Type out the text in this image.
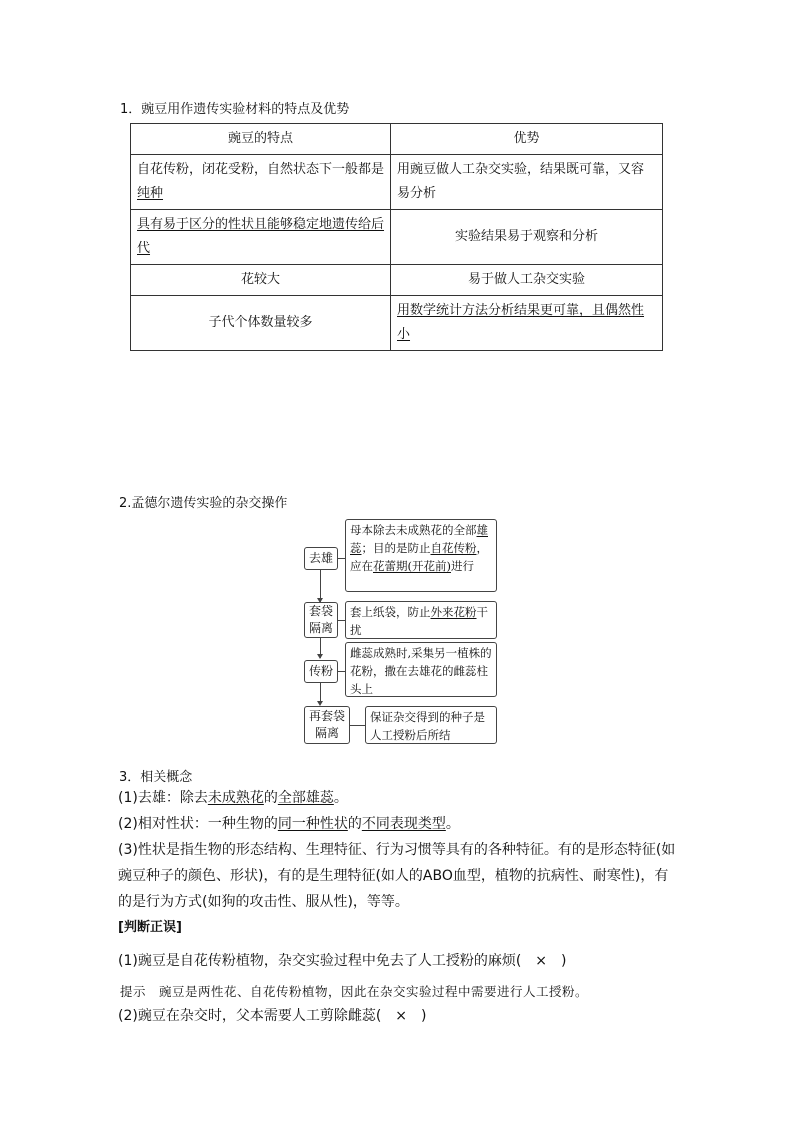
1．豌豆用作遗传实验材料的特点及优势
豌豆的特点	优势
自花传粉，闭花受粉，自然状态下一般都是纯种	用豌豆做人工杂交实验，结果既可靠，又容易分析
具有易于区分的性状且能够稳定地遗传给后代	实验结果易于观察和分析
花较大	易于做人工杂交实验
子代个体数量较多	用数学统计方法分析结果更可靠，且偶然性小
2.孟德尔遗传实验的杂交操作
去雄
母本除去未成熟花的全部雄蕊；目的是防止自花传粉，应在花蕾期(开花前)进行
套袋
隔离
套上纸袋，防止外来花粉干扰
传粉
雌蕊成熟时,采集另一植株的花粉，撒在去雄花的雌蕊柱头上
再套袋
隔离
保证杂交得到的种子是人工授粉后所结
3．相关概念
(1)去雄：除去未成熟花的全部雄蕊。
(2)相对性状：一种生物的同一种性状的不同表现类型。
(3)性状是指生物的形态结构、生理特征、行为习惯等具有的各种特征。有的是形态特征(如豌豆种子的颜色、形状)，有的是生理特征(如人的ABO血型，植物的抗病性、耐寒性)，有的是行为方式(如狗的攻击性、服从性)，等等。
[判断正误]
(1)豌豆是自花传粉植物，杂交实验过程中免去了人工授粉的麻烦(　×　)
提示　豌豆是两性花、自花传粉植物，因此在杂交实验过程中需要进行人工授粉。
(2)豌豆在杂交时，父本需要人工剪除雌蕊(　×　)
